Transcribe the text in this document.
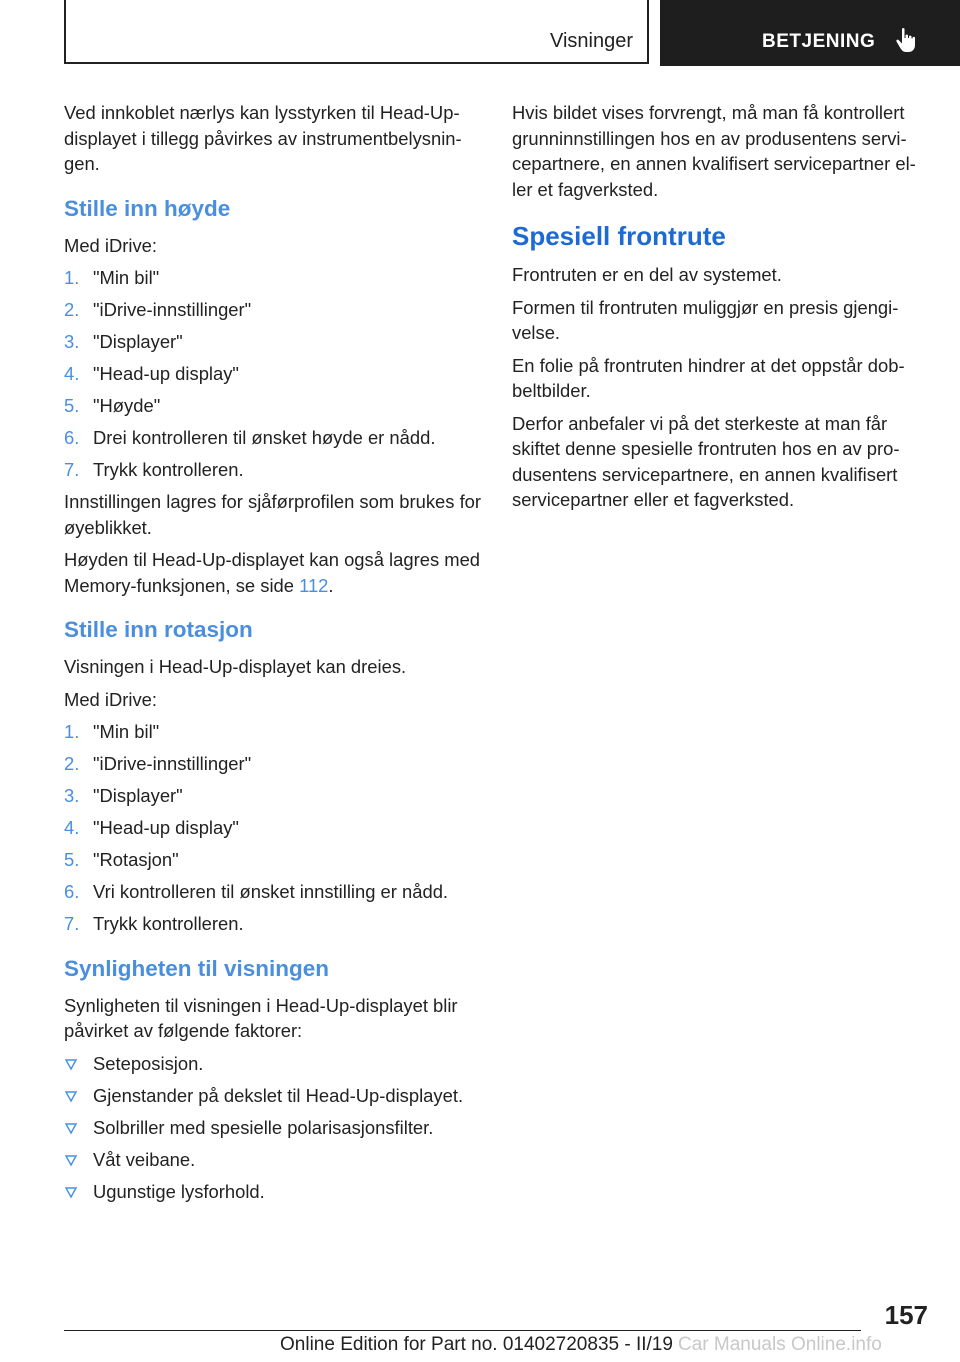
Visninger	BETJENING

Ved innkoblet nærlys kan lysstyrken til Head-Up-displayet i tillegg påvirkes av instrumentbelysnin-gen.

Stille inn høyde

Med iDrive:

1. "Min bil"
2. "iDrive-innstillinger"
3. "Displayer"
4. "Head-up display"
5. "Høyde"
6. Drei kontrolleren til ønsket høyde er nådd.
7. Trykk kontrolleren.

Innstillingen lagres for sjåførprofilen som brukes for øyeblikket.

Høyden til Head-Up-displayet kan også lagres med Memory-funksjonen, se side 112.

Stille inn rotasjon

Visningen i Head-Up-displayet kan dreies.

Med iDrive:

1. "Min bil"
2. "iDrive-innstillinger"
3. "Displayer"
4. "Head-up display"
5. "Rotasjon"
6. Vri kontrolleren til ønsket innstilling er nådd.
7. Trykk kontrolleren.
Synligheten til visningen

Synligheten til visningen i Head-Up-displayet blir påvirket av følgende faktorer:

Seteposisjon.
Gjenstander på dekslet til Head-Up-displayet.
Solbriller med spesielle polarisasjonsfilter.
Våt veibane.
Ugunstige lysforhold.

Hvis bildet vises forvrengt, må man få kontrollert grunninnstillingen hos en av produsentens servi-cepartnere, en annen kvalifisert servicepartner el-ler et fagverksted.

Spesiell frontrute

Frontruten er en del av systemet.

Formen til frontruten muliggjør en presis gjengi-velse.

En folie på frontruten hindrer at det oppstår dob-beltbilder.

Derfor anbefaler vi på det sterkeste at man får skiftet denne spesielle frontruten hos en av pro-dusentens servicepartnere, en annen kvalifisert servicepartner eller et fagverksted.

157
Online Edition for Part no. 01402720835 - II/19 Car Manuals Online.info
